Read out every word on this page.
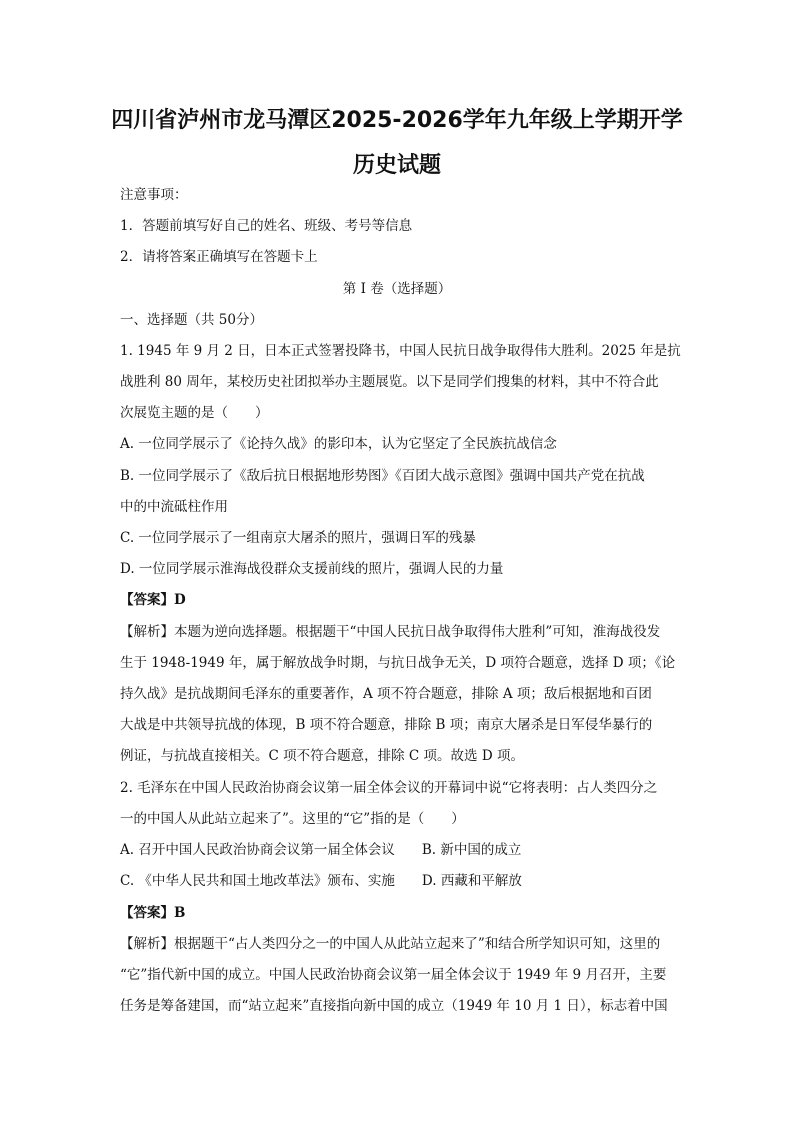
四川省泸州市龙马潭区2025-2026学年九年级上学期开学
历史试题
注意事项：
1．答题前填写好自己的姓名、班级、考号等信息
2．请将答案正确填写在答题卡上
第 I 卷（选择题）
一、选择题（共 50分）
1. 1945 年 9 月 2 日，日本正式签署投降书，中国人民抗日战争取得伟大胜利。2025 年是抗
战胜利 80 周年，某校历史社团拟举办主题展览。以下是同学们搜集的材料，其中不符合此
次展览主题的是（　　）
A. 一位同学展示了《论持久战》的影印本，认为它坚定了全民族抗战信念
B. 一位同学展示了《敌后抗日根据地形势图》《百团大战示意图》强调中国共产党在抗战
中的中流砥柱作用
C. 一位同学展示了一组南京大屠杀的照片，强调日军的残暴
D. 一位同学展示淮海战役群众支援前线的照片，强调人民的力量
【答案】D
【解析】本题为逆向选择题。根据题干“中国人民抗日战争取得伟大胜利”可知，淮海战役发
生于 1948-1949 年，属于解放战争时期，与抗日战争无关，D 项符合题意，选择 D 项；《论
持久战》是抗战期间毛泽东的重要著作，A 项不符合题意，排除 A 项；敌后根据地和百团
大战是中共领导抗战的体现，B 项不符合题意，排除 B 项；南京大屠杀是日军侵华暴行的
例证，与抗战直接相关。C 项不符合题意，排除 C 项。故选 D 项。
2. 毛泽东在中国人民政治协商会议第一届全体会议的开幕词中说“它将表明：占人类四分之
一的中国人从此站立起来了”。这里的“它”指的是（　　）
A. 召开中国人民政治协商会议第一届全体会议　　B. 新中国的成立
C. 《中华人民共和国土地改革法》颁布、实施　　D. 西藏和平解放
【答案】B
【解析】根据题干“占人类四分之一的中国人从此站立起来了”和结合所学知识可知，这里的
“它”指代新中国的成立。中国人民政治协商会议第一届全体会议于 1949 年 9 月召开，主要
任务是筹备建国，而“站立起来”直接指向新中国的成立（1949 年 10 月 1 日），标志着中国
